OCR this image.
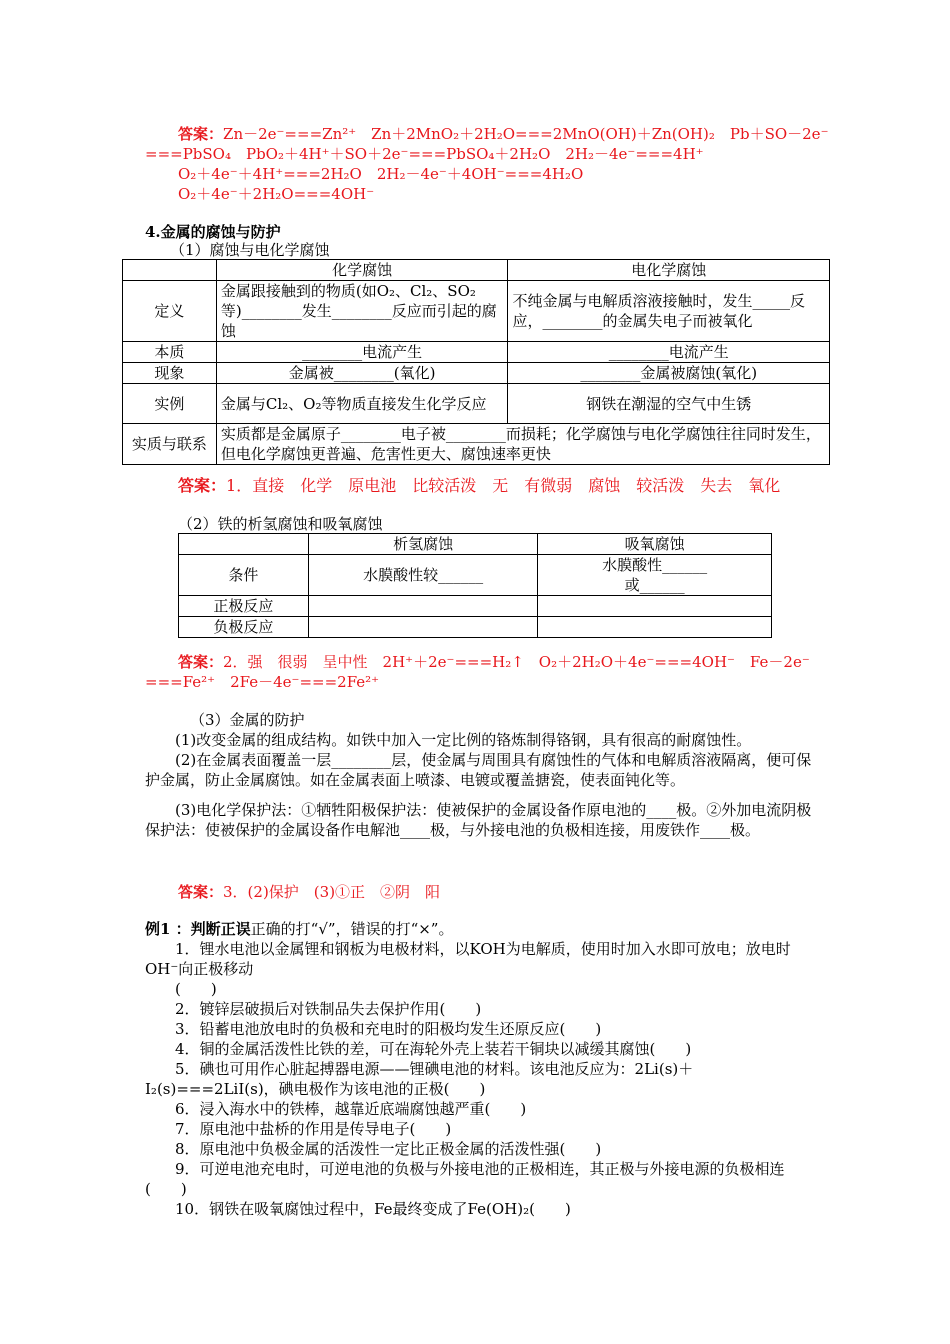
答案：Zn－2e⁻===Zn²⁺　Zn＋2MnO₂＋2H₂O===2MnO(OH)＋Zn(OH)₂　Pb＋SO－2e⁻
===PbSO₄　PbO₂＋4H⁺＋SO＋2e⁻===PbSO₄＋2H₂O　2H₂－4e⁻===4H⁺
O₂＋4e⁻＋4H⁺===2H₂O　2H₂－4e⁻＋4OH⁻===4H₂O
O₂＋4e⁻＋2H₂O===4OH⁻
4.金属的腐蚀与防护
（1）腐蚀与电化学腐蚀
	化学腐蚀	电化学腐蚀
定义	金属跟接触到的物质(如O₂、Cl₂、SO₂等)________发生________反应而引起的腐蚀	不纯金属与电解质溶液接触时，发生_____反应，________的金属失电子而被氧化
本质	________电流产生	________电流产生
现象	金属被________(氧化)	________金属被腐蚀(氧化)
实例	金属与Cl₂、O₂等物质直接发生化学反应	钢铁在潮湿的空气中生锈
实质与联系	实质都是金属原子________电子被________而损耗；化学腐蚀与电化学腐蚀往往同时发生，但电化学腐蚀更普遍、危害性更大、腐蚀速率更快	
答案：1．直接　化学　原电池　比较活泼　无　有微弱　腐蚀　较活泼　失去　氧化
（2）铁的析氢腐蚀和吸氧腐蚀
	析氢腐蚀	吸氧腐蚀
条件	水膜酸性较______	水膜酸性______
或______

正极反应		
负极反应		
答案：2．强　很弱　呈中性　2H⁺＋2e⁻===H₂↑　O₂＋2H₂O＋4e⁻===4OH⁻　Fe－2e⁻
===Fe²⁺　2Fe－4e⁻===2Fe²⁺
（3）金属的防护
(1)改变金属的组成结构。如铁中加入一定比例的铬炼制得铬钢，具有很高的耐腐蚀性。
(2)在金属表面覆盖一层________层，使金属与周围具有腐蚀性的气体和电解质溶液隔离，便可保护金属，防止金属腐蚀。如在金属表面上喷漆、电镀或覆盖搪瓷，使表面钝化等。
(3)电化学保护法：①牺牲阳极保护法：使被保护的金属设备作原电池的____极。②外加电流阴极保护法：使被保护的金属设备作电解池____极，与外接电池的负极相连接，用废铁作____极。
答案：3．(2)保护　(3)①正　②阴　阳
例1 ：判断正误正确的打“√”，错误的打“×”。
1．锂水电池以金属锂和钢板为电极材料，以KOH为电解质，使用时加入水即可放电；放电时OH⁻向正极移动
(　　)
2．镀锌层破损后对铁制品失去保护作用(　　)
3．铅蓄电池放电时的负极和充电时的阳极均发生还原反应(　　)
4．铜的金属活泼性比铁的差，可在海轮外壳上装若干铜块以减缓其腐蚀(　　)
5．碘也可用作心脏起搏器电源——锂碘电池的材料。该电池反应为：2Li(s)＋I₂(s)===2LiI(s)，碘电极作为该电池的正极(　　)
6．浸入海水中的铁棒，越靠近底端腐蚀越严重(　　)
7．原电池中盐桥的作用是传导电子(　　)
8．原电池中负极金属的活泼性一定比正极金属的活泼性强(　　)
9．可逆电池充电时，可逆电池的负极与外接电池的正极相连，其正极与外接电源的负极相连(　　)
10．钢铁在吸氧腐蚀过程中，Fe最终变成了Fe(OH)₂(　　)
